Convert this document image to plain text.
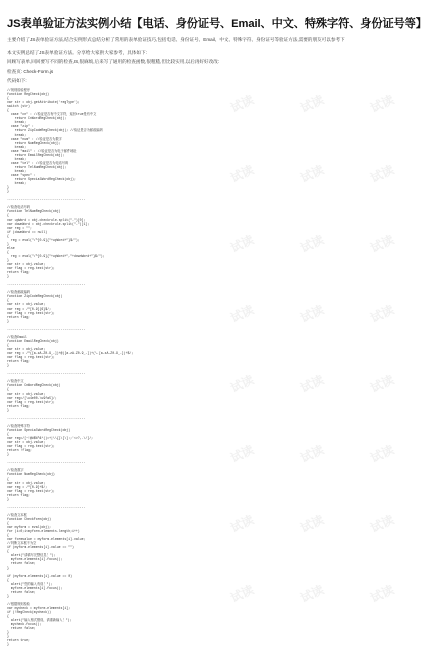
JS表单验证方法实例小结【电话、身份证号、Email、中文、特殊字符、身份证号等】
主要介绍了JS表单验证方法,结合实例形式总结分析了常用的表单验证技巧,包括电话、身份证号、Email、中文、特殊字符、身份证号等验证方法,需要的朋友可以参考下
本文实例总结了JS表单验证方法。分享给大家供大家参考，具体如下：
回顾写表单,回回要写不同的检查,IS,很麻烦,后来写了通用的检查函数,很粗糙,但比较实用,以后再好好改改:
检查页: Check-Form.js
代码如下:
//规则检验程序
function RegCheck(obj)
{
var str = obj.getAttribute('regType');
switch (str)
{
case "cn" : //验证是否有中文字符，返回true是有中文
return CnWordRegCheck(obj);
break;
case "zip" :
return ZipCodeRegCheck(obj); //验证是否为邮政编码
break;
case "num" : //验证是否为数字
return NumRegCheck(obj);
break;
case "mail" : //验证是否为电子邮件地址
return EmailRegCheck(obj);
break;
case "tel" : //验证是否为电话号码
return TelNumRegCheck(obj);
break;
case "spec" :
return SpecialWordRegCheck(obj);
break;
}
}
-----------------------------------------
//检查电话号码
function TelNumRegCheck(obj)
{
var upWord = obj.checkrule.split("-")[0];
var downWord = obj.checkrule.split("-")[1];
var reg = "";
if (downWord == null)
{
reg = eval("/^[0-9]{"+upWord+"}$/");
}
else
{
reg = eval("/^[0-9]{"+upWord+","+downWord+"}$/");
}
var str = obj.value;
var flag = reg.test(str);
return flag;
}
-----------------------------------------
//检查邮政编码
function ZipCodeRegCheck(obj)
{
var str = obj.value;
var reg = /^[0-9]{6}$/;
var flag = reg.test(str);
return flag;
}
-----------------------------------------
//检查Email
function EmailRegCheck(obj)
{
var str = obj.value;
var reg = /^([a-zA-Z0-9_-])+@([a-zA-Z0-9_-])+(\.[a-zA-Z0-9_-])+$/;
var flag = reg.test(str);
return flag;
}
-----------------------------------------
//检查中文
function CnWordRegCheck(obj)
{
var str = obj.value;
var reg=/[\u4e00-\u9fa5]/;
var flag = reg.test(str);
return flag;
}
-----------------------------------------
//检查特殊字符
function SpecialWordRegCheck(obj)
{
var reg=/[~!@#$%^&*()=+|\\{}\[\]:;'<>?,.\/]/;
var str = obj.value;
var flag = reg.test(str);
return !flag;
}
-----------------------------------------
//检查数字
function NumRegCheck(obj)
{
var str = obj.value;
var reg = /^[0-9]+$/;
var flag = reg.test(str);
return flag;
}
-----------------------------------------
//检查文本框
function CheckForm(obj)
{
var myform = eval(obj);
for (i=0;i<myform.elements.length;i++)
{
var formvalue = myform.elements[i].value;
//判断文本框不为空
if (myform.elements[i].value == "")
{
alert("请填写完整信息！");
myform.elements[i].focus();
return false;
}
if (myform.elements[i].value == 0)
{
alert("您的输入有误！");
myform.elements[i].focus();
return false;
}
//根据规则检验
var mycheck = myform.elements[i];
if (!RegCheck(mycheck))
{
alert("输入格式错误，请重新输入！");
mycheck.focus();
return false;
}
}
return true;
}
试读	试读	试读
试读	试读	试读
试读	试读	试读
试读	试读	试读
试读	试读	试读
试读	试读	试读
试读	试读	试读
试读	试读	试读
